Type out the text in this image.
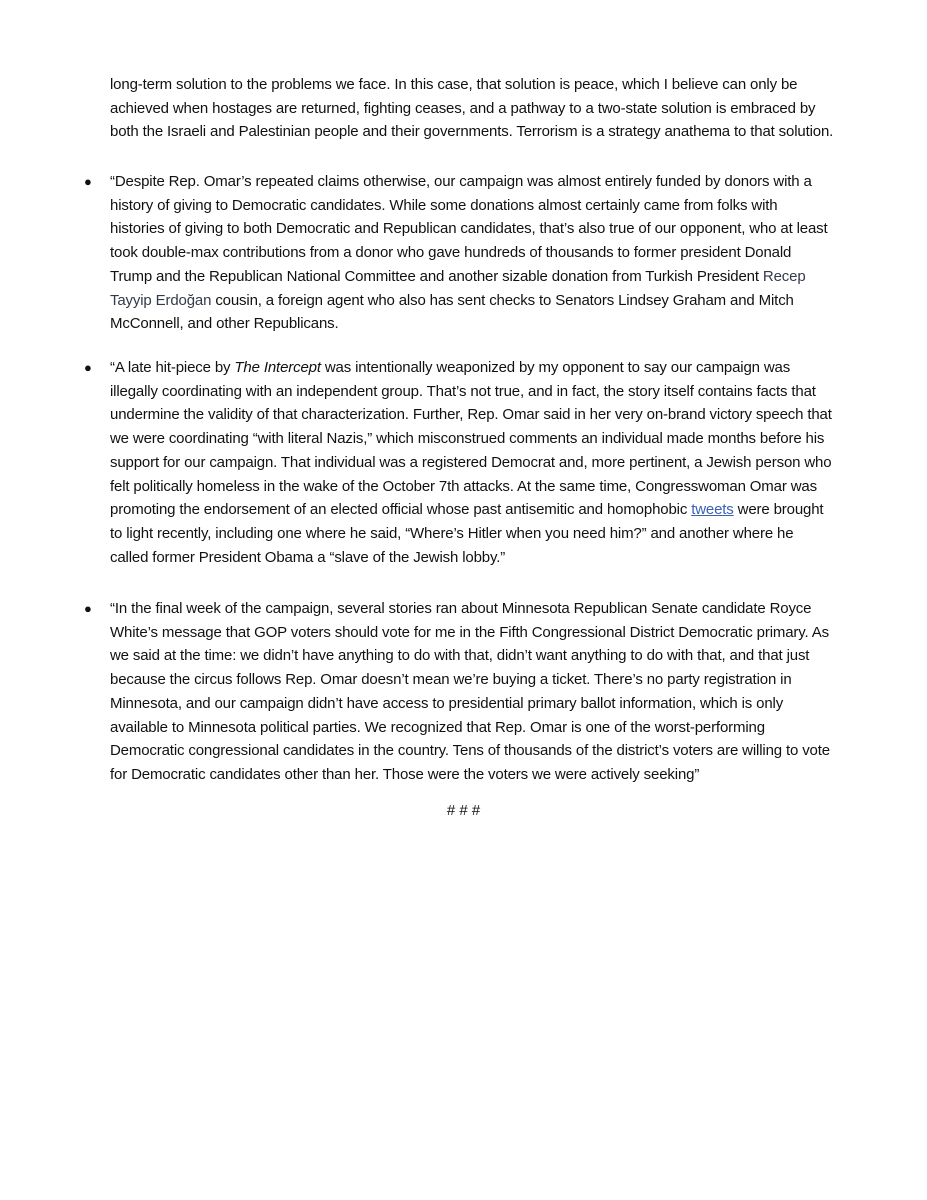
long-term solution to the problems we face. In this case, that solution is peace, which I believe can only be
achieved when hostages are returned, fighting ceases, and a pathway to a two-state solution is embraced by
both the Israeli and Palestinian people and their governments. Terrorism is a strategy anathema to that solution.
● “Despite Rep. Omar’s repeated claims otherwise, our campaign was almost entirely funded by donors with a
history of giving to Democratic candidates. While some donations almost certainly came from folks with
histories of giving to both Democratic and Republican candidates, that’s also true of our opponent, who at least
took double-max contributions from a donor who gave hundreds of thousands to former president Donald
Trump and the Republican National Committee and another sizable donation from Turkish President Recep
Tayyip Erdoğan cousin, a foreign agent who also has sent checks to Senators Lindsey Graham and Mitch
McConnell, and other Republicans.
● “A late hit-piece by The Intercept was intentionally weaponized by my opponent to say our campaign was
illegally coordinating with an independent group. That’s not true, and in fact, the story itself contains facts that
undermine the validity of that characterization. Further, Rep. Omar said in her very on-brand victory speech that
we were coordinating “with literal Nazis,” which misconstrued comments an individual made months before his
support for our campaign. That individual was a registered Democrat and, more pertinent, a Jewish person who
felt politically homeless in the wake of the October 7th attacks. At the same time, Congresswoman Omar was
promoting the endorsement of an elected official whose past antisemitic and homophobic tweets were brought
to light recently, including one where he said, “Where’s Hitler when you need him?” and another where he
called former President Obama a “slave of the Jewish lobby.”
● “In the final week of the campaign, several stories ran about Minnesota Republican Senate candidate Royce
White’s message that GOP voters should vote for me in the Fifth Congressional District Democratic primary. As
we said at the time: we didn’t have anything to do with that, didn’t want anything to do with that, and that just
because the circus follows Rep. Omar doesn’t mean we’re buying a ticket. There’s no party registration in
Minnesota, and our campaign didn’t have access to presidential primary ballot information, which is only
available to Minnesota political parties. We recognized that Rep. Omar is one of the worst-performing
Democratic congressional candidates in the country. Tens of thousands of the district’s voters are willing to vote
for Democratic candidates other than her. Those were the voters we were actively seeking”
# # #
